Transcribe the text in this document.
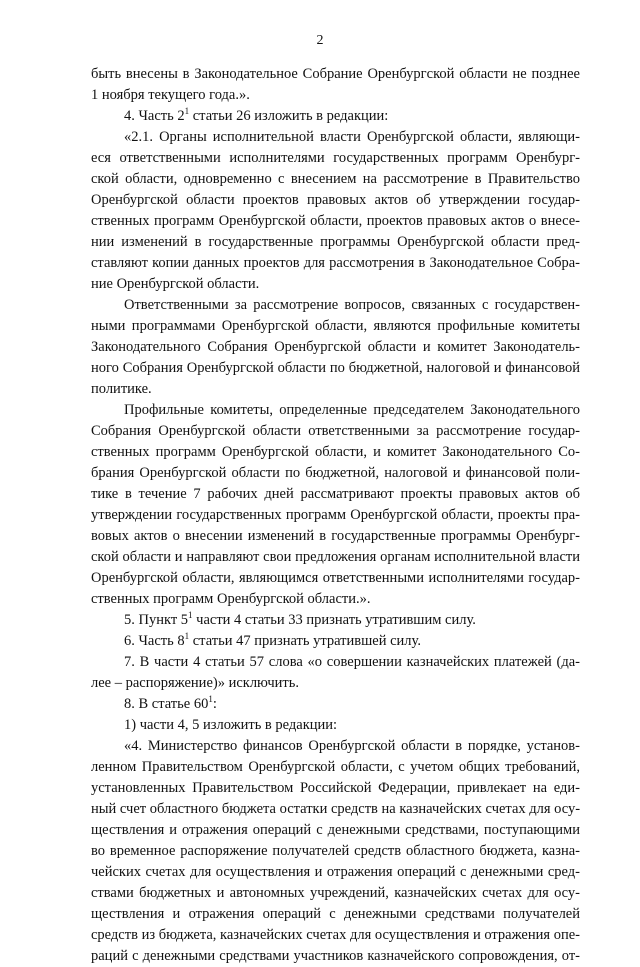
2
быть внесены в Законодательное Собрание Оренбургской области не позднее
1 ноября текущего года.».
4. Часть $2^1$ статьи 26 изложить в редакции:
«2.1. Органы исполнительной власти Оренбургской области, являющи-
еся ответственными исполнителями государственных программ Оренбург-
ской области, одновременно с внесением на рассмотрение в Правительство
Оренбургской области проектов правовых актов об утверждении государ-
ственных программ Оренбургской области, проектов правовых актов о внесе-
нии изменений в государственные программы Оренбургской области пред-
ставляют копии данных проектов для рассмотрения в Законодательное Собра-
ние Оренбургской области.
Ответственными за рассмотрение вопросов, связанных с государствен-
ными программами Оренбургской области, являются профильные комитеты
Законодательного Собрания Оренбургской области и комитет Законодатель-
ного Собрания Оренбургской области по бюджетной, налоговой и финансовой
политике.
Профильные комитеты, определенные председателем Законодательного
Собрания Оренбургской области ответственными за рассмотрение государ-
ственных программ Оренбургской области, и комитет Законодательного Со-
брания Оренбургской области по бюджетной, налоговой и финансовой поли-
тике в течение 7 рабочих дней рассматривают проекты правовых актов об
утверждении государственных программ Оренбургской области, проекты пра-
вовых актов о внесении изменений в государственные программы Оренбург-
ской области и направляют свои предложения органам исполнительной власти
Оренбургской области, являющимся ответственными исполнителями государ-
ственных программ Оренбургской области.».
5. Пункт $5^1$ части 4 статьи 33 признать утратившим силу.
6. Часть $8^1$ статьи 47 признать утратившей силу.
7. В части 4 статьи 57 слова «о совершении казначейских платежей (да-
лее – распоряжение)» исключить.
8. В статье $60^1$:
1) части 4, 5 изложить в редакции:
«4. Министерство финансов Оренбургской области в порядке, установ-
ленном Правительством Оренбургской области, с учетом общих требований,
установленных Правительством Российской Федерации, привлекает на еди-
ный счет областного бюджета остатки средств на казначейских счетах для осу-
ществления и отражения операций с денежными средствами, поступающими
во временное распоряжение получателей средств областного бюджета, казна-
чейских счетах для осуществления и отражения операций с денежными сред-
ствами бюджетных и автономных учреждений, казначейских счетах для осу-
ществления и отражения операций с денежными средствами получателей
средств из бюджета, казначейских счетах для осуществления и отражения опе-
раций с денежными средствами участников казначейского сопровождения, от-
